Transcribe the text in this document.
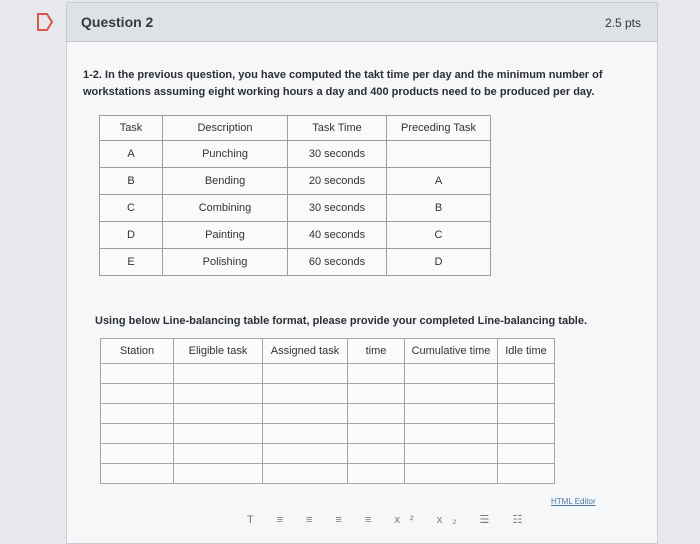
Question 2	2.5 pts
1-2. In the previous question, you have computed the takt time per day and the minimum number of workstations assuming eight working hours a day and 400 products need to be produced per day.
Task	Description	Task Time	Preceding Task
A	Punching	30 seconds	
B	Bending	20 seconds	A
C	Combining	30 seconds	B
D	Painting	40 seconds	C
E	Polishing	60 seconds	D
Using below Line-balancing table format, please provide your completed Line-balancing table.
Station	Eligible task	Assigned task	time	Cumulative time	Idle time

HTML Editor
T ≡ ≡ ≡ ≡ x² x₂ ☰ ☷
